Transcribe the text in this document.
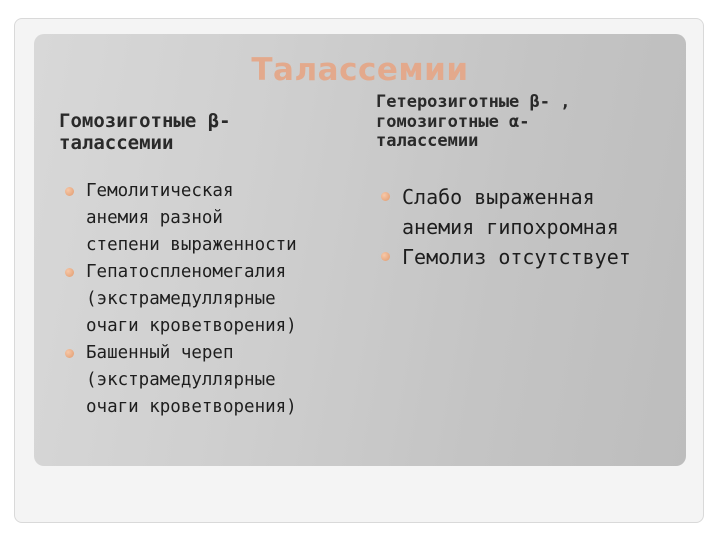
Талассемии
Гомозиготные β-
талассемии
Гетерозиготные β- ,
гомозиготные α-
талассемии
Гемолитическая
анемия разной
степени выраженности
Гепатоспленомегалия
(экстрамедуллярные
очаги кроветворения)
Башенный череп
(экстрамедуллярные
очаги кроветворения)
Слабо выраженная
анемия гипохромная
Гемолиз отсутствует
